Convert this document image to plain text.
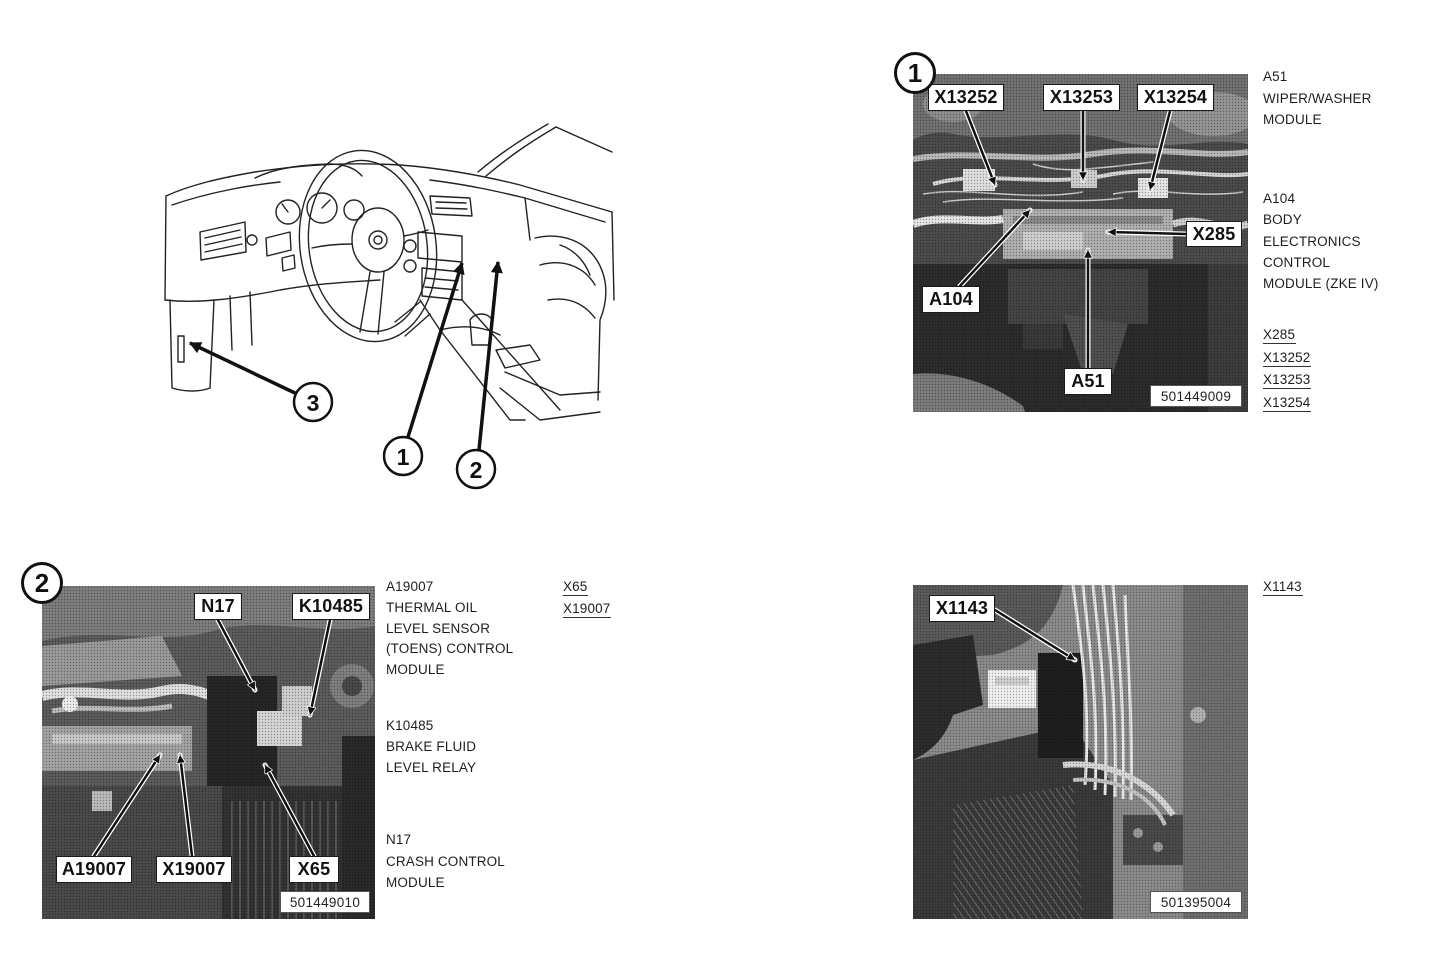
3
1	2
1
X13252	X13253	X13254
X285
A104
A51
501449009
A51
WIPER/WASHER
MODULE
A104
BODY
ELECTRONICS
CONTROL
MODULE (ZKE IV)
X285
X13252
X13253
X13254
2
N17	K10485
A19007	X19007	X65
501449010
A19007
THERMAL OIL
LEVEL SENSOR
(TOENS) CONTROL
MODULE
K10485
BRAKE FLUID
LEVEL RELAY
N17
CRASH CONTROL
MODULE
X65
X19007	X1143
501395004
X1143
